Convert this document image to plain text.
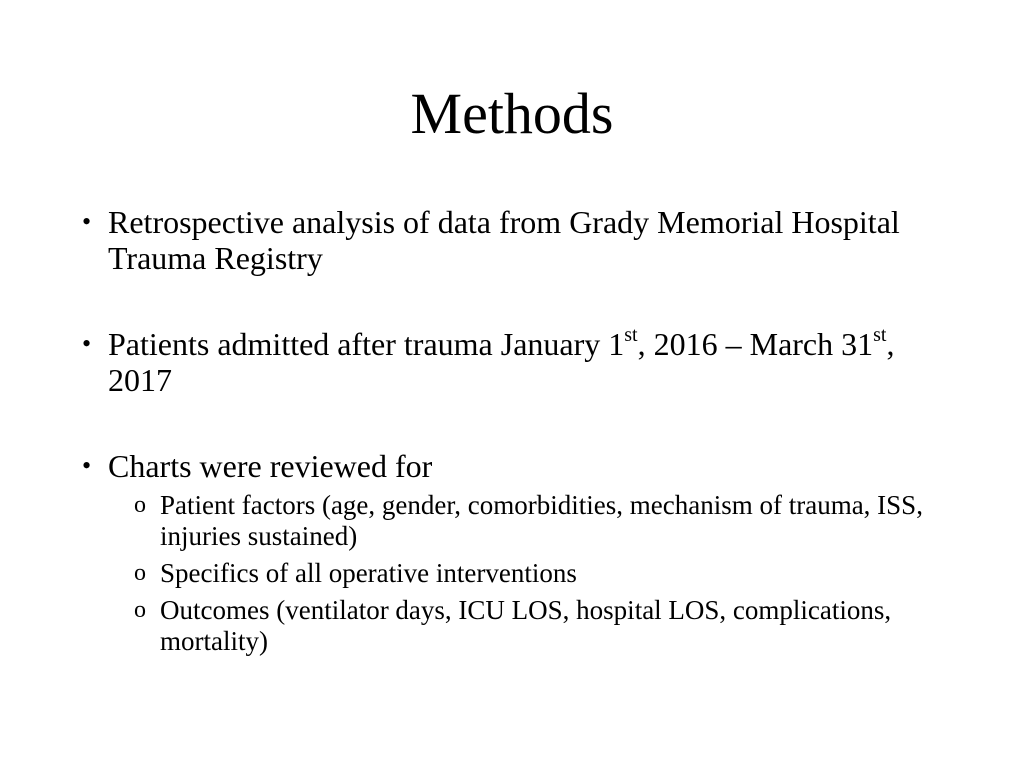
Methods
• Retrospective analysis of data from Grady Memorial Hospital Trauma Registry
• Patients admitted after trauma January 1st, 2016 – March 31st, 2017
• Charts were reviewed for
o Patient factors (age, gender, comorbidities, mechanism of trauma, ISS, injuries sustained)
o Specifics of all operative interventions
o Outcomes (ventilator days, ICU LOS, hospital LOS, complications, mortality)
